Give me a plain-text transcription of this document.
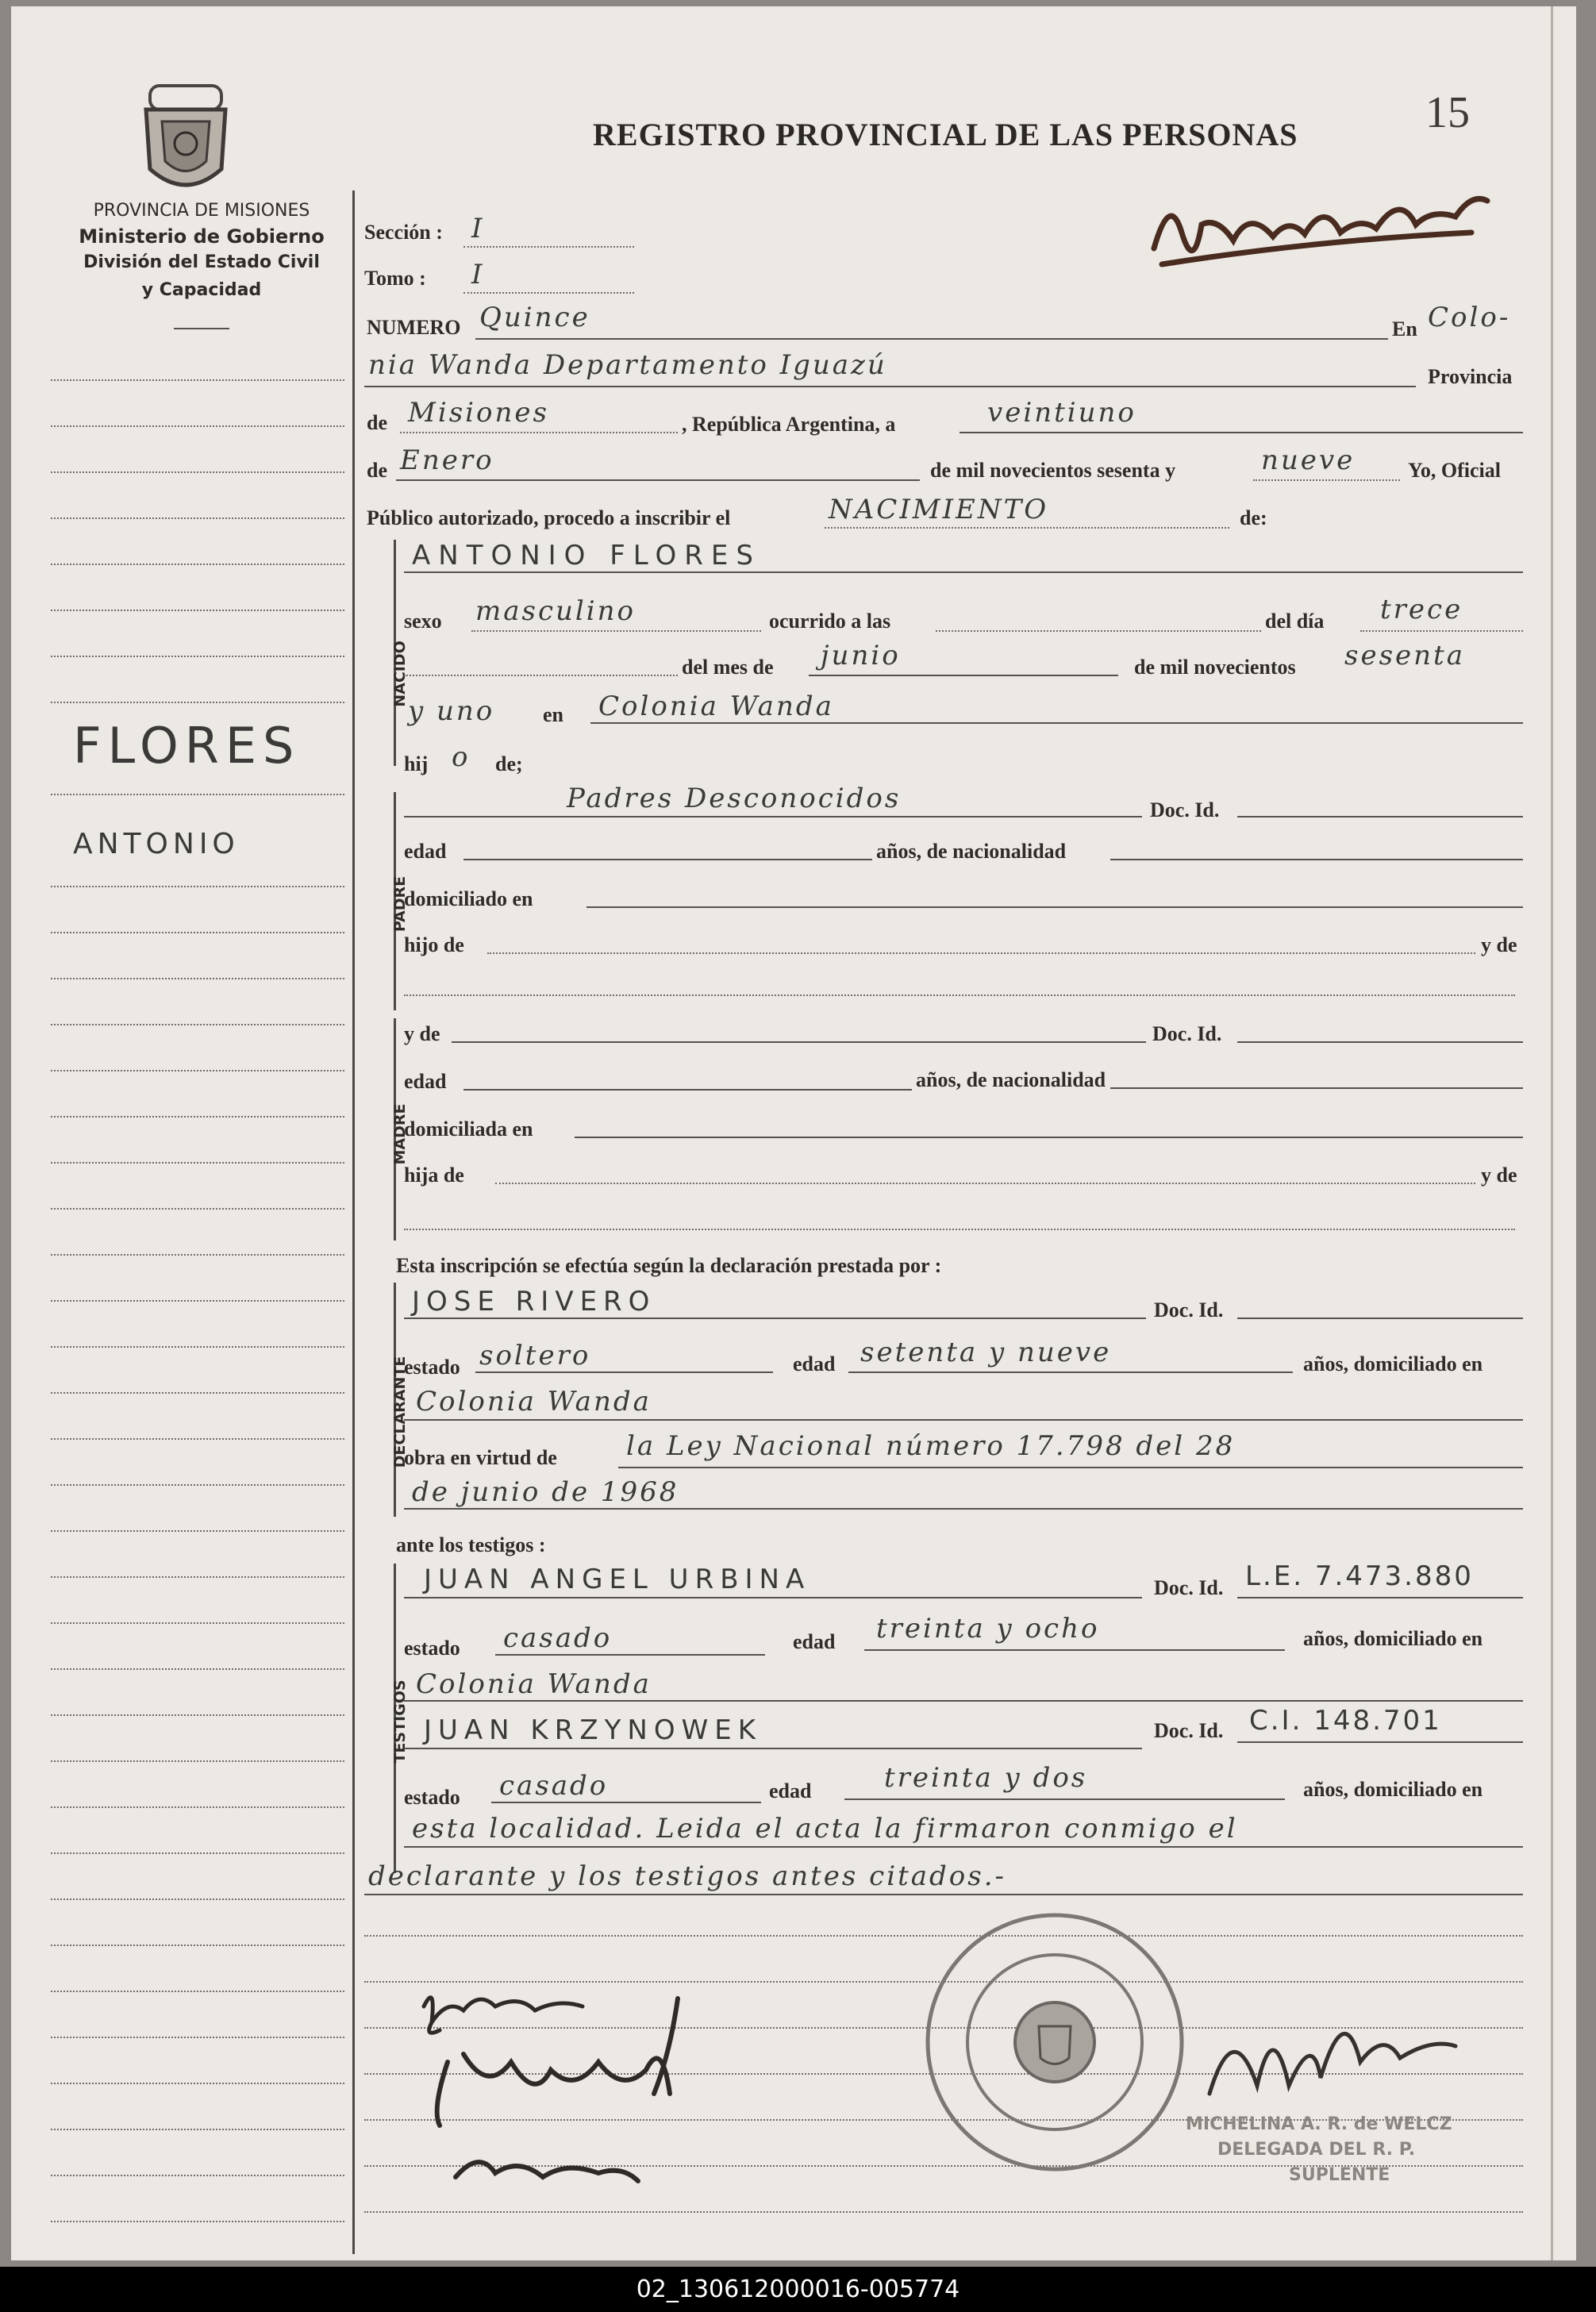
PROVINCIA DE MISIONES
Ministerio de Gobierno
División del Estado Civil
y Capacidad
REGISTRO PROVINCIAL DE LAS PERSONAS	15
FLORES
ANTONIO
Sección : I
Tomo : I
NUMERO Quince	En Colo-
nia Wanda Departamento Iguazú	Provincia
de Misiones	, República Argentina, a	veintiuno
de Enero	de mil novecientos sesenta y	nueve	Yo, Oficial
Público autorizado, procedo a inscribir el	NACIMIENTO	de:
NACIDO
ANTONIO FLORES
sexo masculino	ocurrido a las	del día trece
del mes de junio	de mil novecientos sesenta
y uno en Colonia Wanda
hij o de;
PADRE
Padres Desconocidos	Doc. Id.
edad	años, de nacionalidad
domiciliado en
hijo de	y de
MADRE
y de	Doc. Id.
edad	años, de nacionalidad
domiciliada en
hija de	y de
Esta inscripción se efectúa según la declaración prestada por :
DECLARANTE
JOSE RIVERO	Doc. Id.
estado soltero	edad setenta y nueve	años, domiciliado en
Colonia Wanda
obra en virtud de	la Ley Nacional número 17.798 del 28
de junio de 1968
ante los testigos :
TESTIGOS
JUAN ANGEL URBINA	Doc. Id. L.E. 7.473.880
estado casado	edad treinta y ocho	años, domiciliado en
Colonia Wanda
JUAN KRZYNOWEK	Doc. Id. C.I. 148.701
estado casado	edad	treinta y dos	años, domiciliado en
esta localidad. Leida el acta la firmaron conmigo el
declarante y los testigos antes citados.-
MICHELINA A. R. de WELCZ
DELEGADA DEL R. P.
SUPLENTE
02_130612000016-005774
